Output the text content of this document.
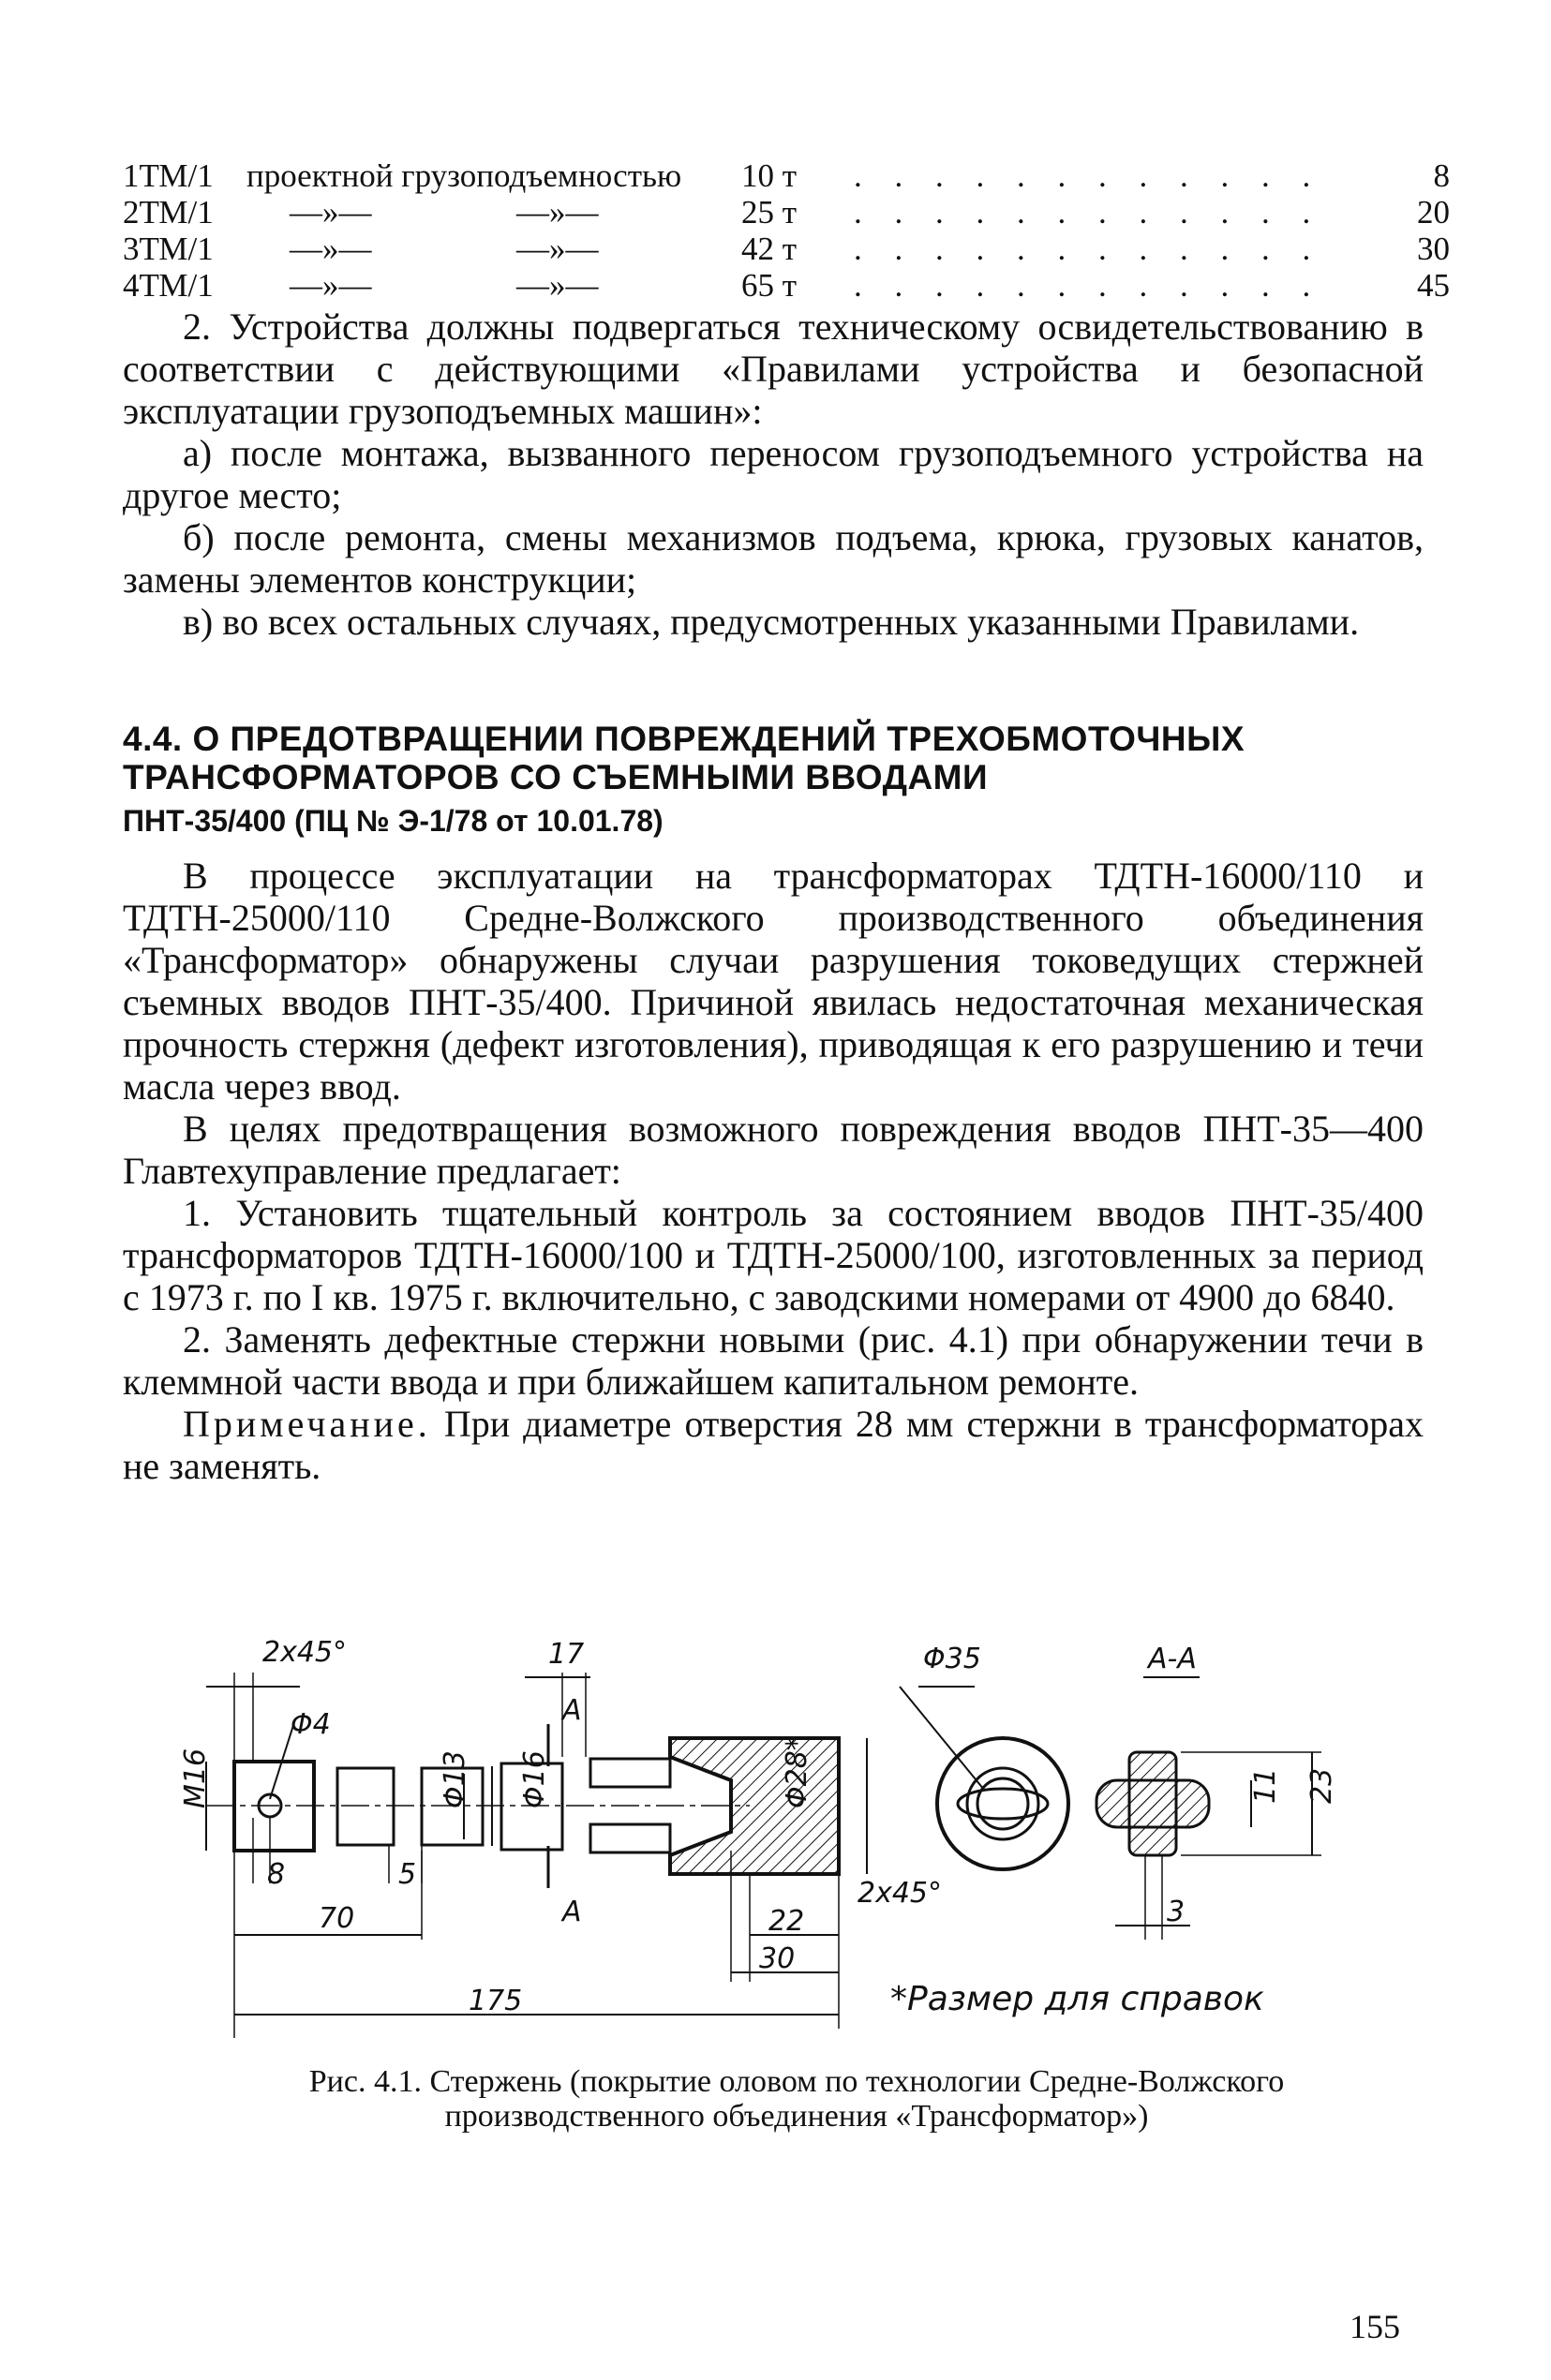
1ТМ/1 проектной грузоподъемностью 10 т . . . . . . . . . . . .	8
2ТМ/1 —»—	—»—	25 т . . . . . . . . . . . .	20
3ТМ/1 —»—	—»—	42 т . . . . . . . . . . . .	30
4ТМ/1 —»—	—»—	65 т . . . . . . . . . . . .	45

2. Устройства должны подвергаться техническому освидетельствованию в соответствии с действующими «Правилами устройства и безопасной эксплуатации грузоподъемных машин»:

а) после монтажа, вызванного переносом грузоподъемного устройства на другое место;

б) после ремонта, смены механизмов подъема, крюка, грузовых канатов, замены элементов конструкции;

в) во всех остальных случаях, предусмотренных указанными Правилами.

4.4. О ПРЕДОТВРАЩЕНИИ ПОВРЕЖДЕНИЙ ТРЕХОБМОТОЧНЫХ
ТРАНСФОРМАТОРОВ СО СЪЕМНЫМИ ВВОДАМИ
ПНТ-35/400 (ПЦ № Э-1/78 от 10.01.78)

В процессе эксплуатации на трансформаторах ТДТН-16000/110 и ТДТН-25000/110 Средне-Волжского производственного объединения «Трансформатор» обнаружены случаи разрушения токоведущих стержней съемных вводов ПНТ-35/400. Причиной явилась недостаточная механическая прочность стержня (дефект изготовления), приводящая к его разрушению и течи масла через ввод.

В целях предотвращения возможного повреждения вводов ПНТ-35—400 Главтехуправление предлагает:

1. Установить тщательный контроль за состоянием вводов ПНТ-35/400 трансформаторов ТДТН-16000/100 и ТДТН-25000/100, изготовленных за период с 1973 г. по I кв. 1975 г. включительно, с заводскими номерами от 4900 до 6840.

2. Заменять дефектные стержни новыми (рис. 4.1) при обнаружении течи в клеммной части ввода и при ближайшем капитальном ремонте.

Примечание. При диаметре отверстия 28 мм стержни в трансформаторах не заменять.

2x45°
Φ4
M16	Φ13 Φ16	Φ28*
8	5
70
175
17
A
A
2x45°
22
30
Φ35	А-А
11 23
3
*Размер для справок
Рис. 4.1. Стержень (покрытие оловом по технологии Средне-Волжского
производственного объединения «Трансформатор»)
155
